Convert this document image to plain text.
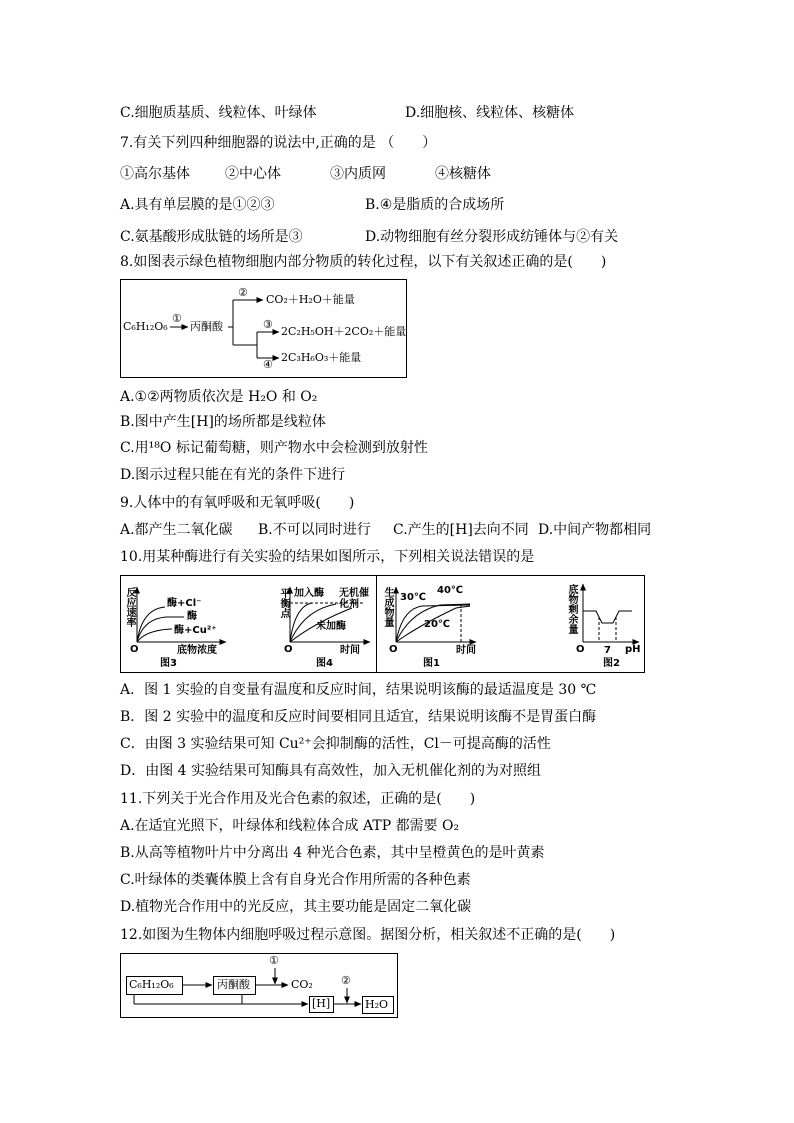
C.细胞质基质、线粒体、叶绿体	D.细胞核、线粒体、核糖体
7.有关下列四种细胞器的说法中,正确的是 （　　）
①高尔基体	②中心体	③内质网	④核糖体
A.具有单层膜的是①②③	B.④是脂质的合成场所
C.氨基酸形成肽链的场所是③	D.动物细胞有丝分裂形成纺锤体与②有关
8.如图表示绿色植物细胞内部分物质的转化过程，以下有关叙述正确的是(　　)
C₆H₁₂O₆
①
丙酮酸
②
CO₂＋H₂O＋能量
③
2C₂H₅OH＋2CO₂＋能量
④
2C₃H₆O₃＋能量
A.①②两物质依次是 H₂O 和 O₂
B.图中产生[H]的场所都是线粒体
C.用¹⁸O 标记葡萄糖，则产物水中会检测到放射性
D.图示过程只能在有光的条件下进行
9.人体中的有氧呼吸和无氧呼吸(　　)
A.都产生二氧化碳 B.不可以同时进行 C.产生的[H]去向不同 D.中间产物都相同
10.用某种酶进行有关实验的结果如图所示，下列相关说法错误的是
反应速率	酶+Cl⁻
酶
酶+Cu²⁺
O	底物浓度
图3
平衡点 加入酶 无机催化剂
未加酶
O	时间
图4
生成物量 30℃
40℃
20℃
O	时间
图1
底物剩余量
O 7 pH
图2
A．图 1 实验的自变量有温度和反应时间，结果说明该酶的最适温度是 30 ℃
B．图 2 实验中的温度和反应时间要相同且适宜，结果说明该酶不是胃蛋白酶
C．由图 3 实验结果可知 Cu²⁺会抑制酶的活性，Cl－可提高酶的活性
D．由图 4 实验结果可知酶具有高效性，加入无机催化剂的为对照组
11.下列关于光合作用及光合色素的叙述，正确的是(　　)
A.在适宜光照下，叶绿体和线粒体合成 ATP 都需要 O₂
B.从高等植物叶片中分离出 4 种光合色素，其中呈橙黄色的是叶黄素
C.叶绿体的类囊体膜上含有自身光合作用所需的各种色素
D.植物光合作用中的光反应，其主要功能是固定二氧化碳
12.如图为生物体内细胞呼吸过程示意图。据图分析，相关叙述不正确的是(　　)
C₆H₁₂O₆	丙酮酸	CO₂
①
[H]
②
H₂O
